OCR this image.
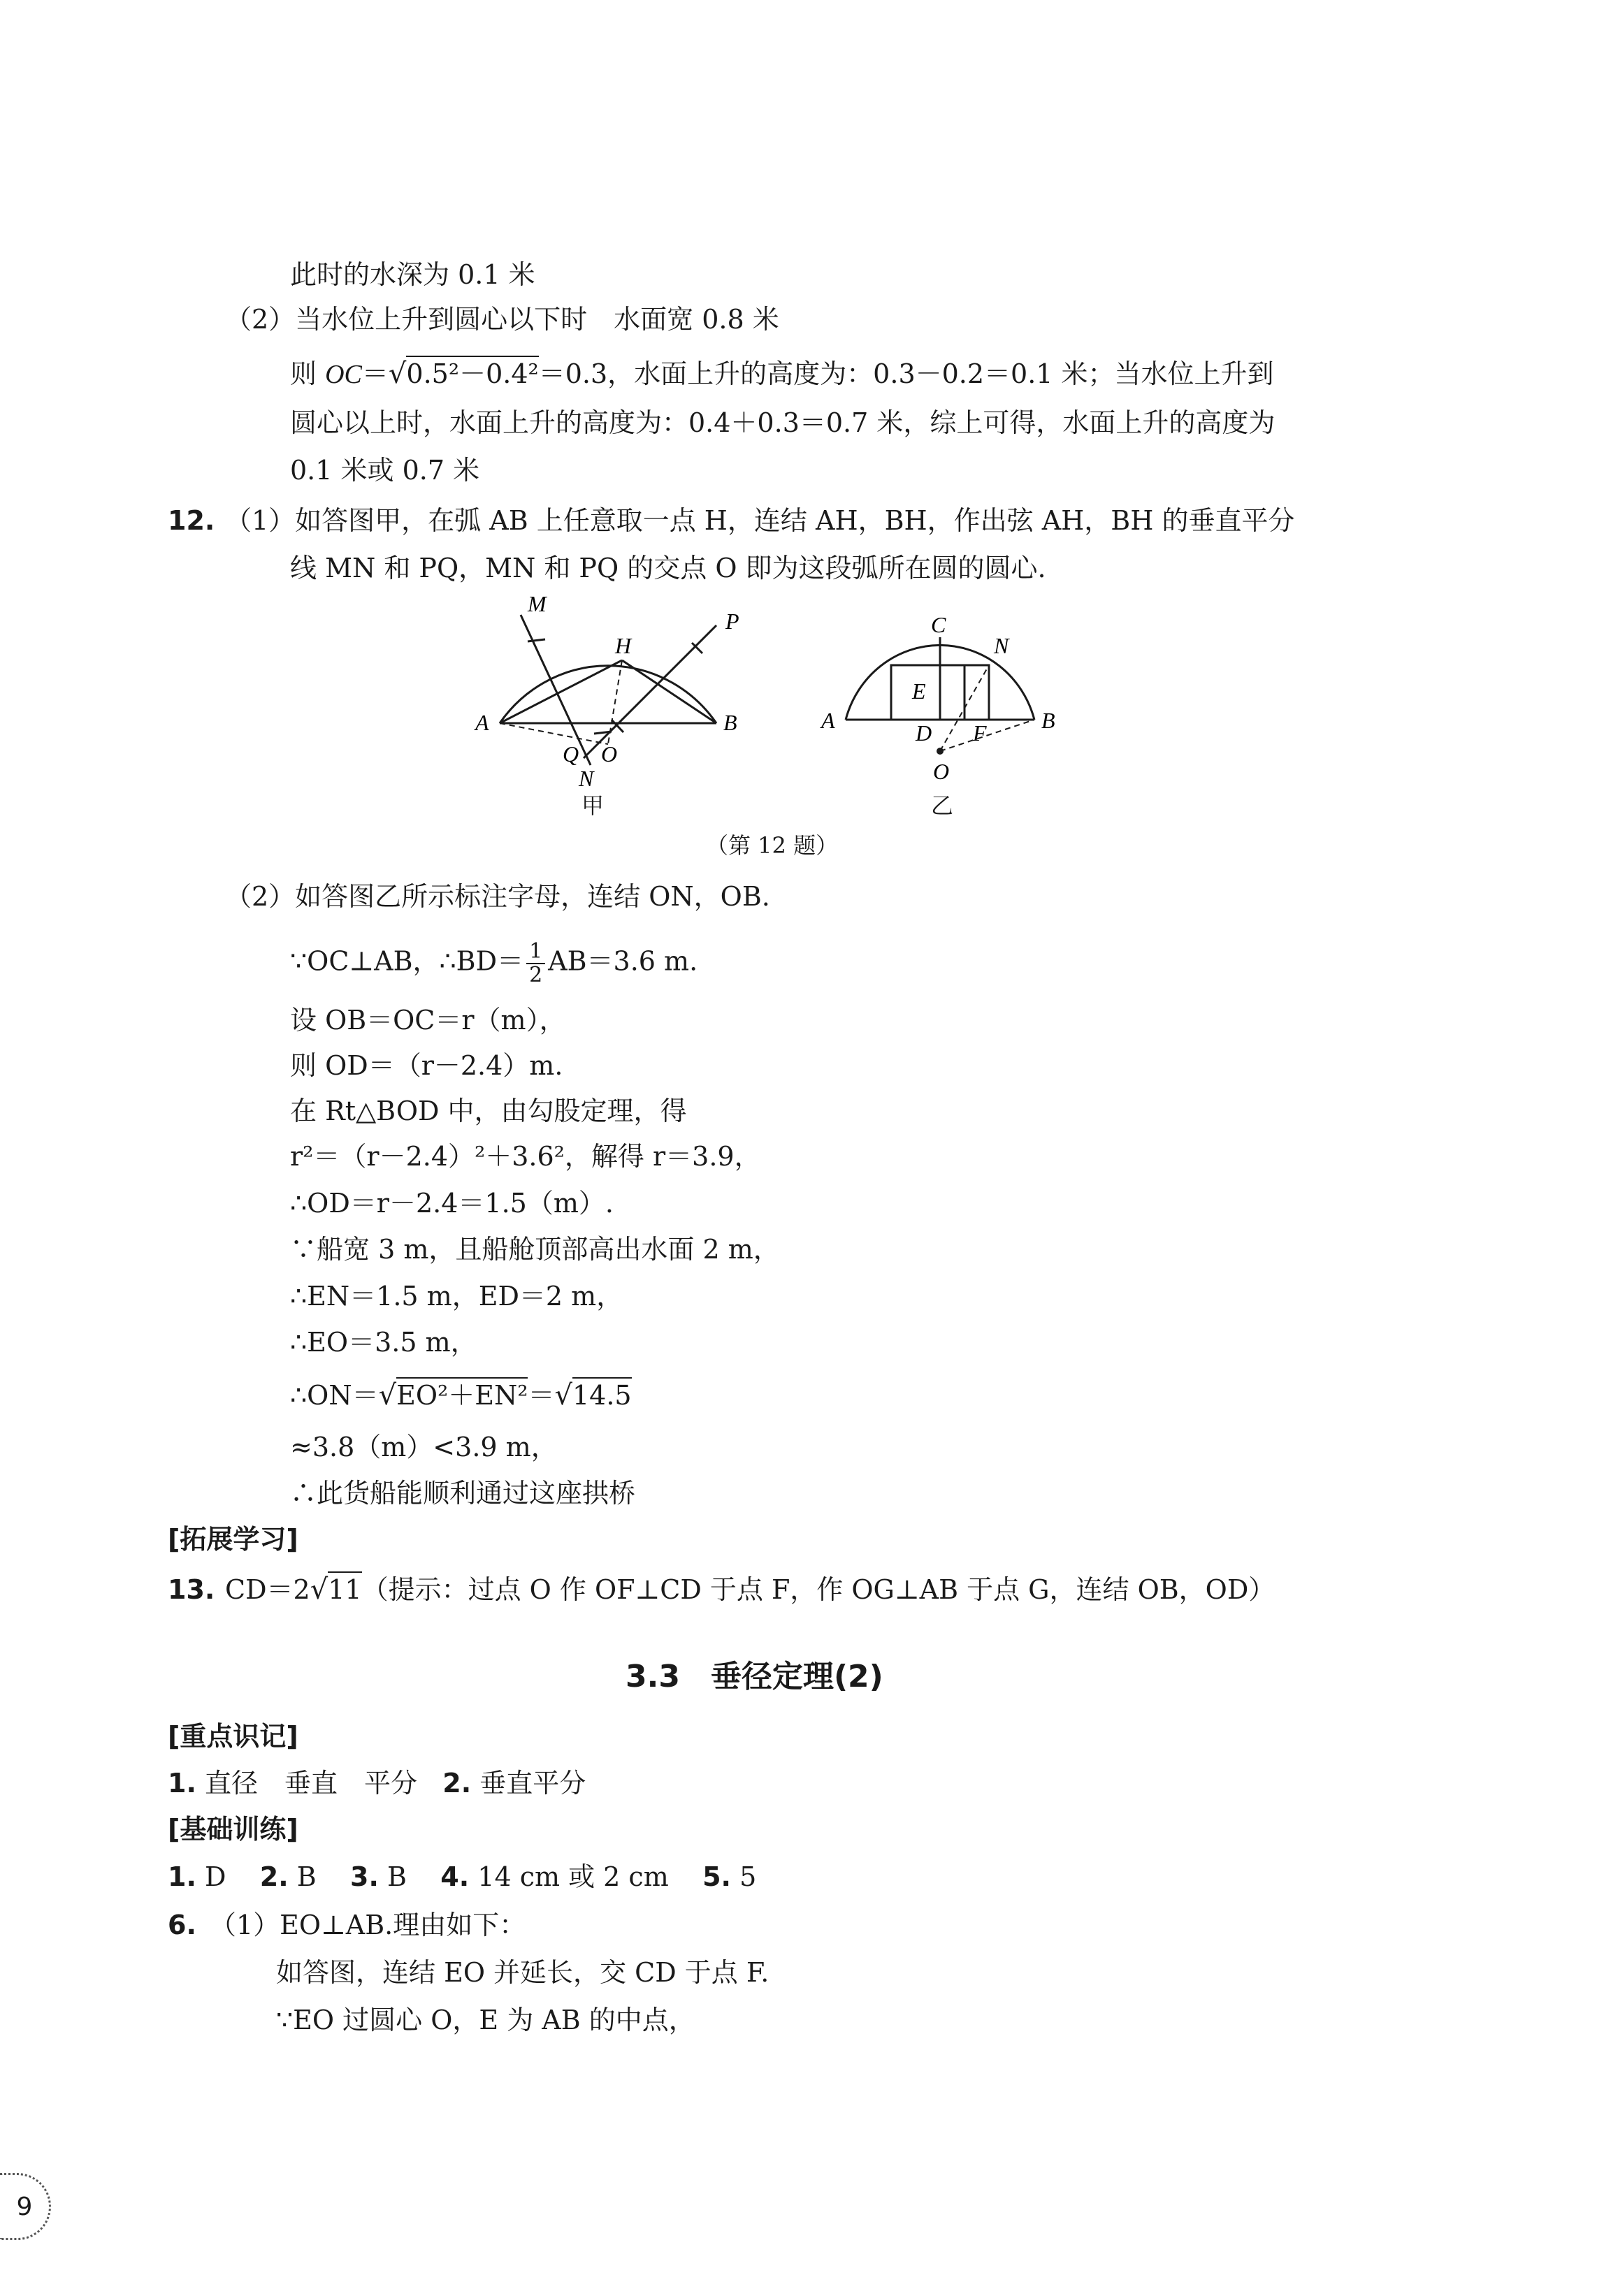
此时的水深为 0.1 米
（2）当水位上升到圆心以下时　水面宽 0.8 米
则 OC＝√0.5²－0.4²＝0.3，水面上升的高度为：0.3－0.2＝0.1 米；当水位上升到
圆心以上时，水面上升的高度为：0.4＋0.3＝0.7 米，综上可得，水面上升的高度为
0.1 米或 0.7 米
12. （1）如答图甲，在弧 AB 上任意取一点 H，连结 AH，BH，作出弦 AH，BH 的垂直平分
线 MN 和 PQ，MN 和 PQ 的交点 O 即为这段弧所在圆的圆心.
M
H
P
A	B
Q O
N
甲
C
N
E
A	D F B
O
乙
（第 12 题）
（2）如答图乙所示标注字母，连结 ON，OB.
∵OC⊥AB，∴BD＝ $\frac{1}{2} AB=3.6$ m.
设 OB＝OC＝r（m），
则 OD＝（r－2.4）m.
在 Rt△BOD 中，由勾股定理，得
r²＝（r－2.4）²＋3.6²，解得 r＝3.9，
∴OD＝r－2.4＝1.5（m）.
∵船宽 3 m，且船舱顶部高出水面 2 m，
∴EN＝1.5 m，ED＝2 m，
∴EO＝3.5 m，
∴ON＝√EO²＋EN²＝√14.5
≈3.8（m）<3.9 m，
∴此货船能顺利通过这座拱桥
[拓展学习]
13. CD＝2√11（提示：过点 O 作 OF⊥CD 于点 F，作 OG⊥AB 于点 G，连结 OB，OD）
3.3　垂径定理(2)
[重点识记]
1. 直径　垂直　平分 2. 垂直平分
[基础训练]
1. D 2. B 3. B 4. 14 cm 或 2 cm 5. 5
6. （1）EO⊥AB.理由如下：
如答图，连结 EO 并延长，交 CD 于点 F.
∵EO 过圆心 O，E 为 AB 的中点，
9
